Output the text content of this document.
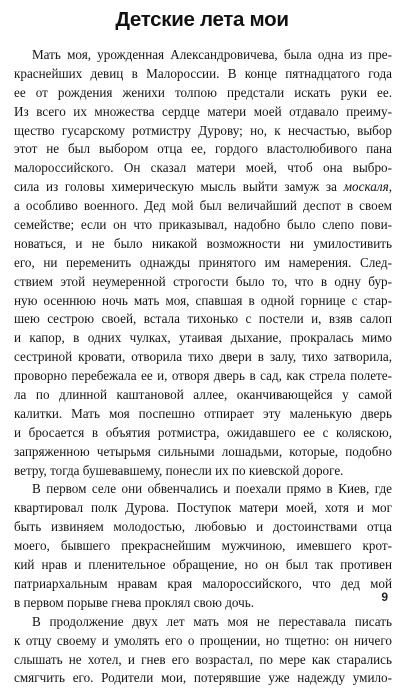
Детские лета мои
Мать моя, урожденная Александровичева, была одна из пре-
краснейших девиц в Малороссии. В конце пятнадцатого года
ее от рождения женихи толпою предстали искать руки ее.
Из всего их множества сердце матери моей отдавало преиму-
щество гусарскому ротмистру Дурову; но, к несчастью, выбор
этот не был выбором отца ее, гордого властолюбивого пана
малороссийского. Он сказал матери моей, чтоб она выбро-
сила из головы химерическую мысль выйти замуж за москаля,
а особливо военного. Дед мой был величайший деспот в своем
семействе; если он что приказывал, надобно было слепо пови-
новаться, и не было никакой возможности ни умилостивить
его, ни переменить однажды принятого им намерения. След-
ствием этой неумеренной строгости было то, что в одну бур-
ную осеннюю ночь мать моя, спавшая в одной горнице с стар-
шею сестрою своей, встала тихонько с постели и, взяв салоп
и капор, в одних чулках, утаивая дыхание, прокралась мимо
сестриной кровати, отворила тихо двери в залу, тихо затворила,
проворно перебежала ее и, отворя дверь в сад, как стрела полете-
ла по длинной каштановой аллее, оканчивающейся у самой
калитки. Мать моя поспешно отпирает эту маленькую дверь
и бросается в объятия ротмистра, ожидавшего ее с коляскою,
запряженною четырьмя сильными лошадьми, которые, подобно
ветру, тогда бушевавшему, понесли их по киевской дороге.
В первом селе они обвенчались и поехали прямо в Киев, где
квартировал полк Дурова. Поступок матери моей, хотя и мог
быть извиняем молодостью, любовью и достоинствами отца
моего, бывшего прекраснейшим мужчиною, имевшего крот-
кий нрав и пленительное обращение, но он был так противен
патриархальным нравам края малороссийского, что дед мой
в первом порыве гнева проклял свою дочь.
В продолжение двух лет мать моя не переставала писать
к отцу своему и умолять его о прощении, но тщетно: он ничего
слышать не хотел, и гнев его возрастал, по мере как старались
смягчить его. Родители мои, потерявшие уже надежду умило-
9
